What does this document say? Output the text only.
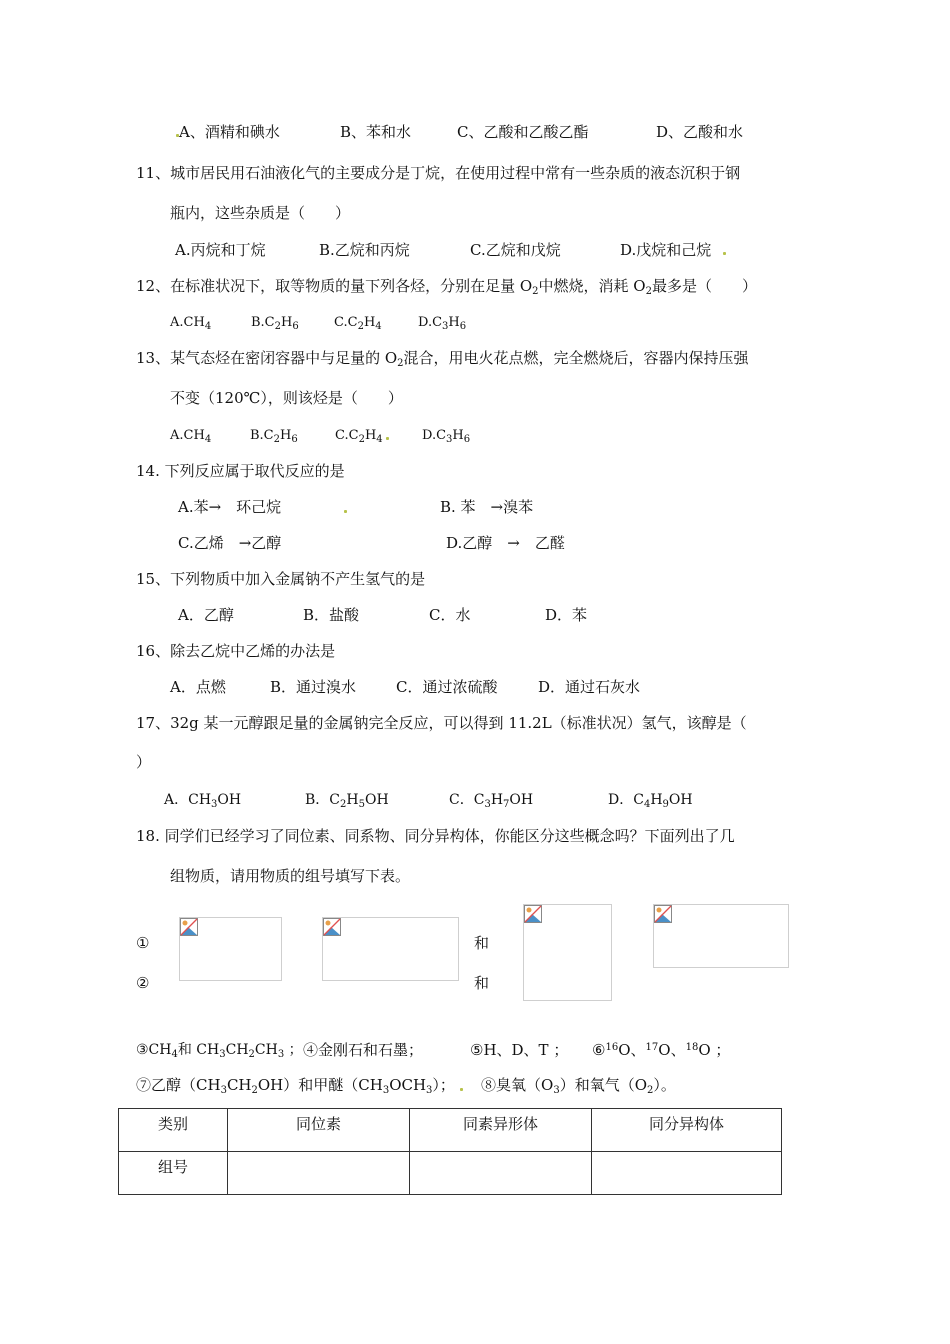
A、酒精和碘水	B、苯和水	C、乙酸和乙酸乙酯	D、乙酸和水
11、城市居民用石油液化气的主要成分是丁烷，在使用过程中常有一些杂质的液态沉积于钢
瓶内，这些杂质是（　　）
A.丙烷和丁烷	B.乙烷和丙烷	C.乙烷和戊烷	D.戊烷和己烷
12、在标准状况下，取等物质的量下列各烃，分别在足量 $O_2$中燃烧，消耗 $O_2$最多是（　　）
$A.CH_4$	$B.C_2H_6$	$C.C_2H_4$	$D.C_3H_6$
13、某气态烃在密闭容器中与足量的 $O_2$混合，用电火花点燃，完全燃烧后，容器内保持压强
不变（120℃），则该烃是（　　）
$A.CH_4$	$B.C_2H_6$	$C.C_2H_4$	$D.C_3H_6$
14. 下列反应属于取代反应的是
A.苯→　环己烷	B. 苯　→溴苯
C.乙烯　→乙醇	D.乙醇　→　乙醛
15、下列物质中加入金属钠不产生氢气的是
A．乙醇	B．盐酸	C．水	D．苯
16、除去乙烷中乙烯的办法是
A．点燃	B．通过溴水	C．通过浓硫酸	D．通过石灰水
17、32g 某一元醇跟足量的金属钠完全反应，可以得到 11.2L（标准状况）氢气，该醇是（
）
A．$CH_3OH$	B．$C_2H_5OH$	C．$C_3H_7OH$	D．$C_4H_9OH$
18. 同学们已经学习了同位素、同系物、同分异构体，你能区分这些概念吗？下面列出了几
组物质，请用物质的组号填写下表。
①
②
和
和
$③CH_4$和 $CH_3CH_2CH_3$ ； ④金刚石和石墨；	⑤H、D、T ； ⑥$^{16}$O、$^{17}$O、$^{18}$O ；
⑦乙醇$(CH_3CH_2OH)$和甲醚$(CH_3OCH_3)$； ⑧臭氧$(O_3)$和氧气$(O_2)$。
类别	同位素	同素异形体	同分异构体
组号			
